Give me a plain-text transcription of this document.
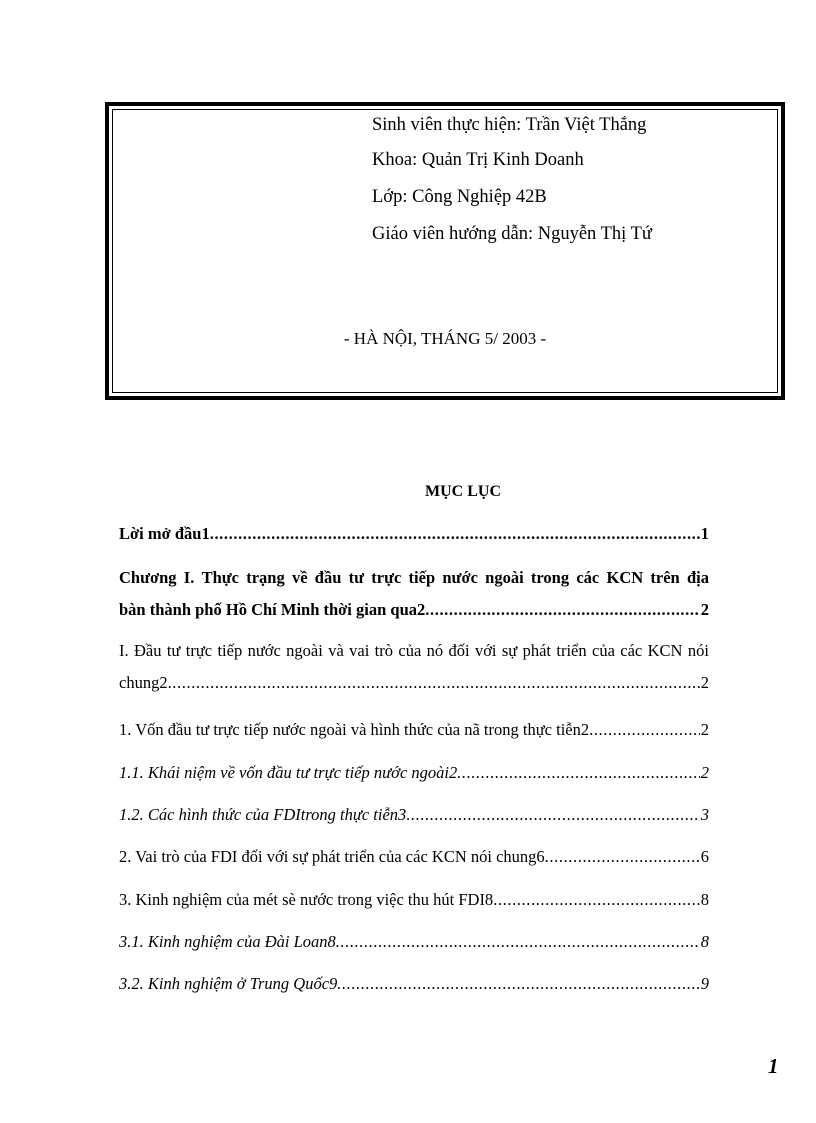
Sinh viên thực hiện: Trần Việt Thắng
Khoa: Quản Trị Kinh Doanh
Lớp: Công Nghiệp 42B
Giáo viên hướng dẫn: Nguyễn Thị Tứ
- HÀ NỘI, THÁNG 5/ 2003 -
MỤC LỤC
Lời mở đầu1 .....	1
Chương I. Thực trạng về đầu tư trực tiếp nước ngoài trong các KCN trên địa
bàn thành phố Hồ Chí Minh thời gian qua2 .....	2
I. Đầu tư trực tiếp nước ngoài và vai trò của nó đối với sự phát triển của các KCN nói
chung2 .....	2
1. Vốn đầu tư trực tiếp nước ngoài và hình thức của nã trong thực tiễn2 .....	2
1.1. Khái niệm về vốn đầu tư trực tiếp nước ngoài2 .....	2
1.2. Các hình thức của FDItrong thực tiễn3 .....	3
2. Vai trò của FDI đối với sự phát triển của các KCN nói chung6 .....	6
3. Kinh nghiệm của mét sè nước trong việc thu hút FDI8 .....	8
3.1. Kinh nghiệm của Đài Loan8 .....	8
3.2. Kinh nghiệm ở Trung Quốc9 .....	9
1
